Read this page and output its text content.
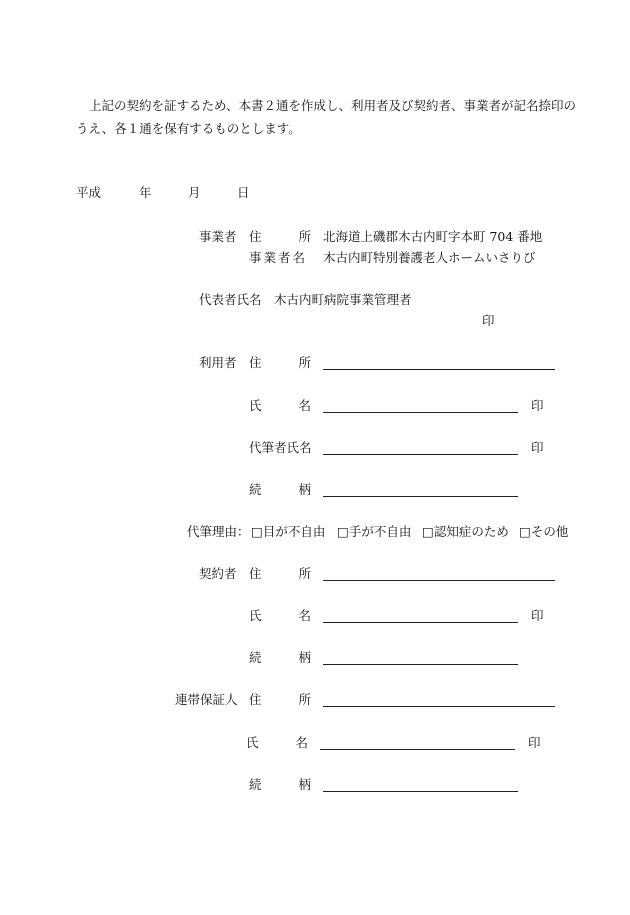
上記の契約を証するため、本書２通を作成し、利用者及び契約者、事業者が記名捺印の
うえ、各１通を保有するものとします。
平成	年	月	日
事業者 住	所 北海道上磯郡木古内町字本町 704 番地
事業者名 木古内町特別養護老人ホームいさりび
代表者氏名 木古内町病院事業管理者
印
利用者 住	所
氏	名	印
代筆者氏名	印
続	柄
代筆理由： □目が不自由 □手が不自由 □認知症のため □その他
契約者 住	所
氏	名	印
続	柄
連帯保証人 住	所
氏	名	印
続	柄
